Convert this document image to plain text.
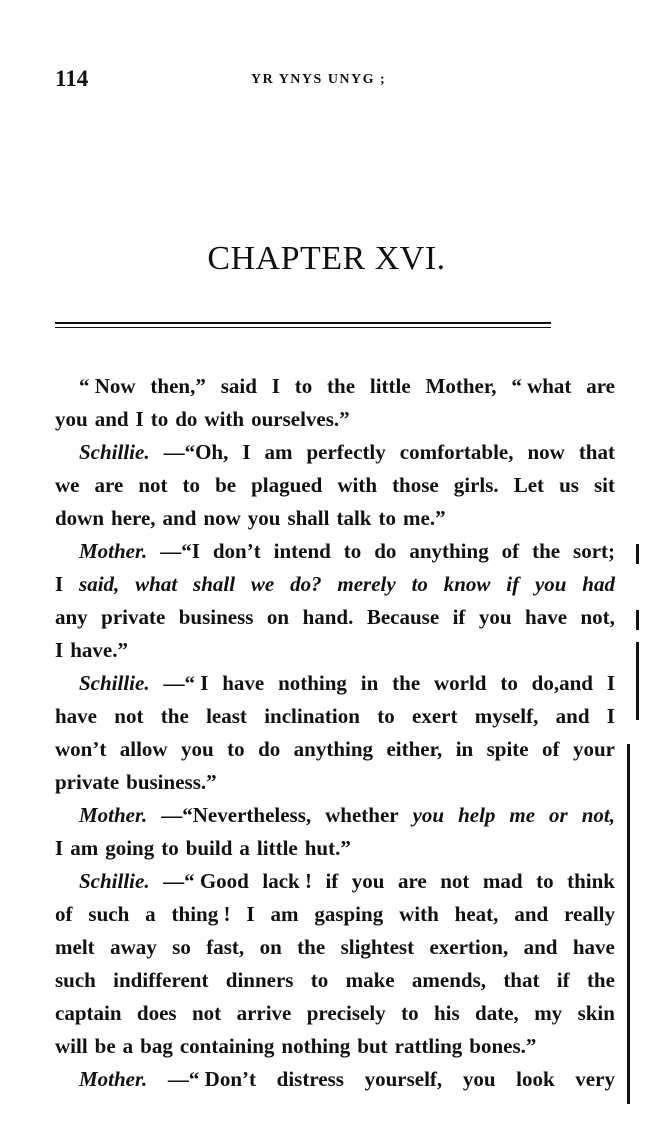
114	YR YNYS UNYG ;
CHAPTER XVI.
“ Now then,” said I to the little Mother, “ what are
you and I to do with ourselves.”
Schillie. —“Oh, I am perfectly comfortable, now that
we are not to be plagued with those girls. Let us sit
down here, and now you shall talk to me.”
Mother. —“I don’t intend to do anything of the sort;
I said, what shall we do? merely to know if you had
any private business on hand. Because if you have not,
I have.”
Schillie. —“ I have nothing in the world to do,and I
have not the least inclination to exert myself, and I
won’t allow you to do anything either, in spite of your
private business.”
Mother. —“Nevertheless, whether you help me or not,
I am going to build a little hut.”
Schillie. —“ Good lack ! if you are not mad to think
of such a thing ! I am gasping with heat, and really
melt away so fast, on the slightest exertion, and have
such indifferent dinners to make amends, that if the
captain does not arrive precisely to his date, my skin
will be a bag containing nothing but rattling bones.”
Mother. —“ Don’t distress yourself, you look very
